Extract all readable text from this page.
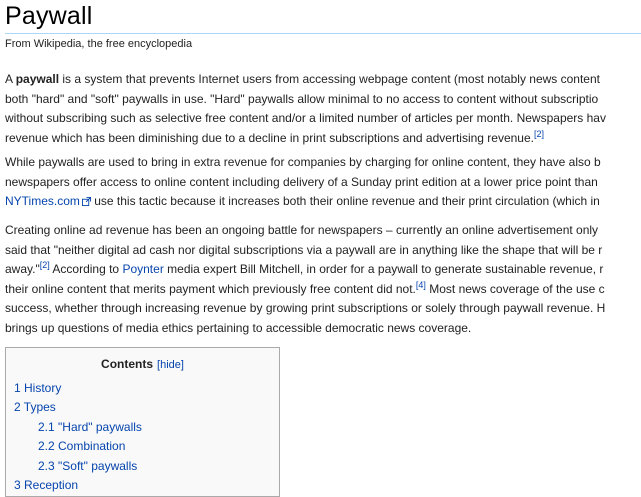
Paywall
From Wikipedia, the free encyclopedia

A paywall is a system that prevents Internet users from accessing webpage content (most notably news content
both "hard" and "soft" paywalls in use. "Hard" paywalls allow minimal to no access to content without subscriptio
without subscribing such as selective free content and/or a limited number of articles per month. Newspapers hav
revenue which has been diminishing due to a decline in print subscriptions and advertising revenue.[2]

While paywalls are used to bring in extra revenue for companies by charging for online content, they have also b
newspapers offer access to online content including delivery of a Sunday print edition at a lower price point than
NYTimes.com use this tactic because it increases both their online revenue and their print circulation (which in

Creating online ad revenue has been an ongoing battle for newspapers – currently an online advertisement only
said that "neither digital ad cash nor digital subscriptions via a paywall are in anything like the shape that will be r
away."[2] According to Poynter media expert Bill Mitchell, in order for a paywall to generate sustainable revenue, r
their online content that merits payment which previously free content did not.[4] Most news coverage of the use c
success, whether through increasing revenue by growing print subscriptions or solely through paywall revenue. H
brings up questions of media ethics pertaining to accessible democratic news coverage.

Contents [hide]
1 History
2 Types
2.1 "Hard" paywalls
2.2 Combination
2.3 "Soft" paywalls
3 Reception
